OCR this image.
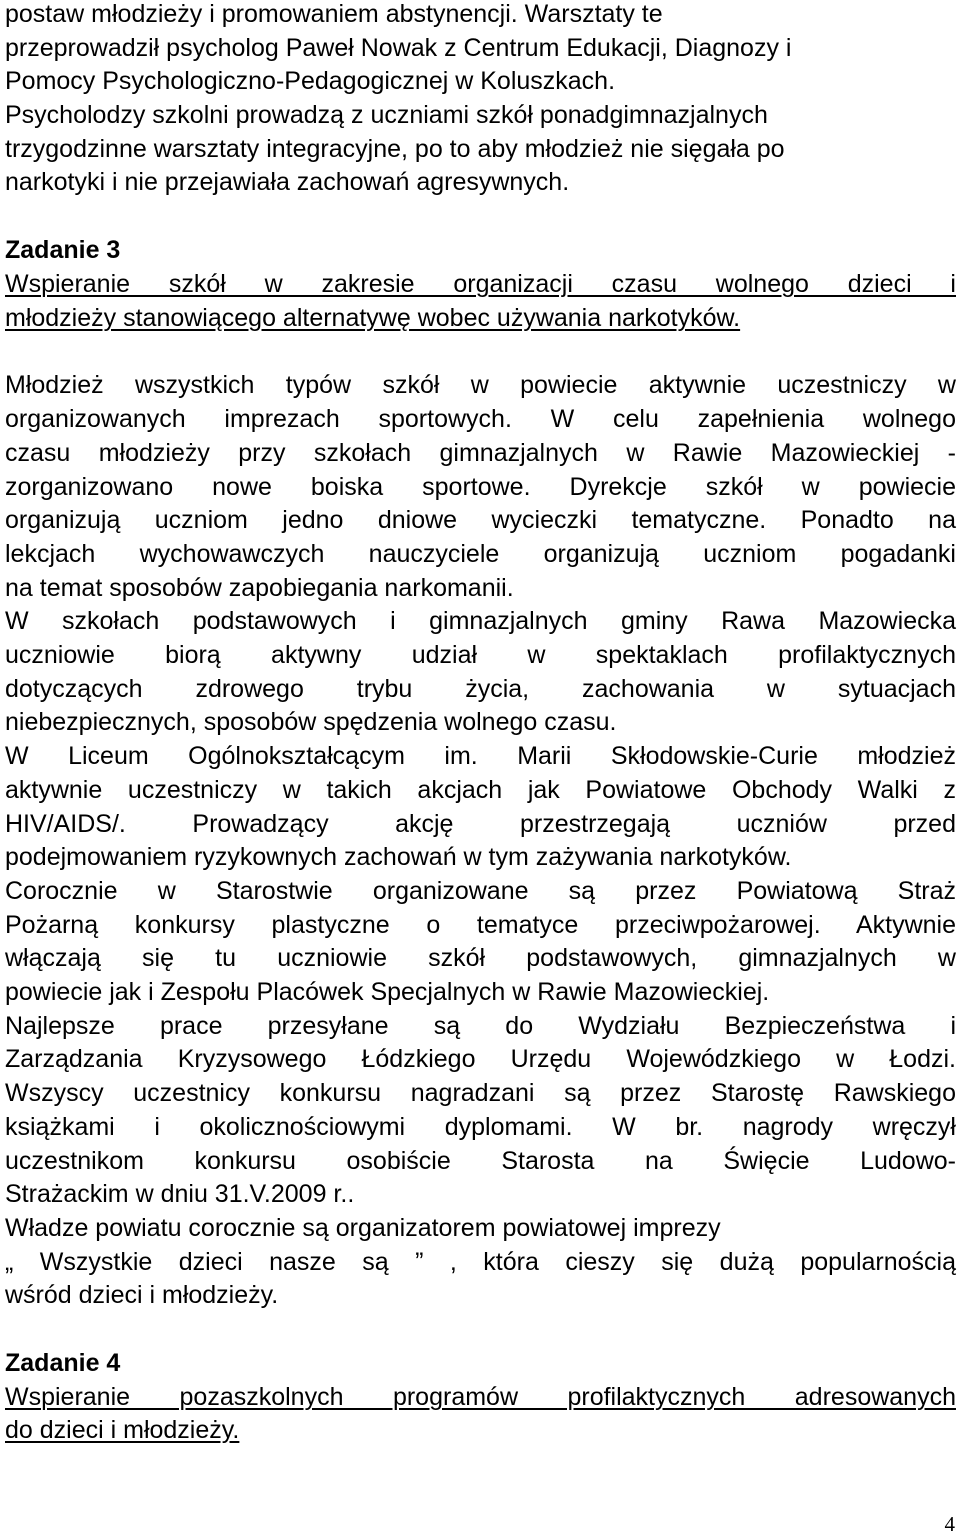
postaw młodzieży i promowaniem abstynencji. Warsztaty te
przeprowadził psycholog Paweł Nowak z Centrum Edukacji, Diagnozy i
Pomocy Psychologiczno-Pedagogicznej w Koluszkach.
Psycholodzy szkolni prowadzą z uczniami szkół ponadgimnazjalnych
trzygodzinne warsztaty integracyjne, po to aby młodzież nie sięgała po
narkotyki i nie przejawiała zachowań agresywnych.
Zadanie 3
Wspieranie szkół w zakresie organizacji czasu wolnego dzieci i
młodzieży stanowiącego alternatywę wobec używania narkotyków.
Młodzież wszystkich typów szkół w powiecie aktywnie uczestniczy w
organizowanych imprezach sportowych. W celu zapełnienia wolnego
czasu młodzieży przy szkołach gimnazjalnych w Rawie Mazowieckiej -
zorganizowano nowe boiska sportowe. Dyrekcje szkół w powiecie
organizują uczniom jedno dniowe wycieczki tematyczne. Ponadto na
lekcjach wychowawczych nauczyciele organizują uczniom pogadanki
na temat sposobów zapobiegania narkomanii.
W szkołach podstawowych i gimnazjalnych gminy Rawa Mazowiecka
uczniowie biorą aktywny udział w spektaklach profilaktycznych
dotyczących zdrowego trybu życia, zachowania w sytuacjach
niebezpiecznych, sposobów spędzenia wolnego czasu.
W Liceum Ogólnokształcącym im. Marii Skłodowskie-Curie młodzież
aktywnie uczestniczy w takich akcjach jak Powiatowe Obchody Walki z
HIV/AIDS/. Prowadzący akcję przestrzegają uczniów przed
podejmowaniem ryzykownych zachowań w tym zażywania narkotyków.
Corocznie w Starostwie organizowane są przez Powiatową Straż
Pożarną konkursy plastyczne o tematyce przeciwpożarowej. Aktywnie
włączają się tu uczniowie szkół podstawowych, gimnazjalnych w
powiecie jak i Zespołu Placówek Specjalnych w Rawie Mazowieckiej.
Najlepsze prace przesyłane są do Wydziału Bezpieczeństwa i
Zarządzania Kryzysowego Łódzkiego Urzędu Wojewódzkiego w Łodzi.
Wszyscy uczestnicy konkursu nagradzani są przez Starostę Rawskiego
książkami i okolicznościowymi dyplomami. W br. nagrody wręczył
uczestnikom konkursu osobiście Starosta na Święcie Ludowo-
Strażackim w dniu 31.V.2009 r..
Władze powiatu corocznie są organizatorem powiatowej imprezy
„ Wszystkie dzieci nasze są ” , która cieszy się dużą popularnością
wśród dzieci i młodzieży.
Zadanie 4
Wspieranie pozaszkolnych programów profilaktycznych adresowanych
do dzieci i młodzieży.
4
